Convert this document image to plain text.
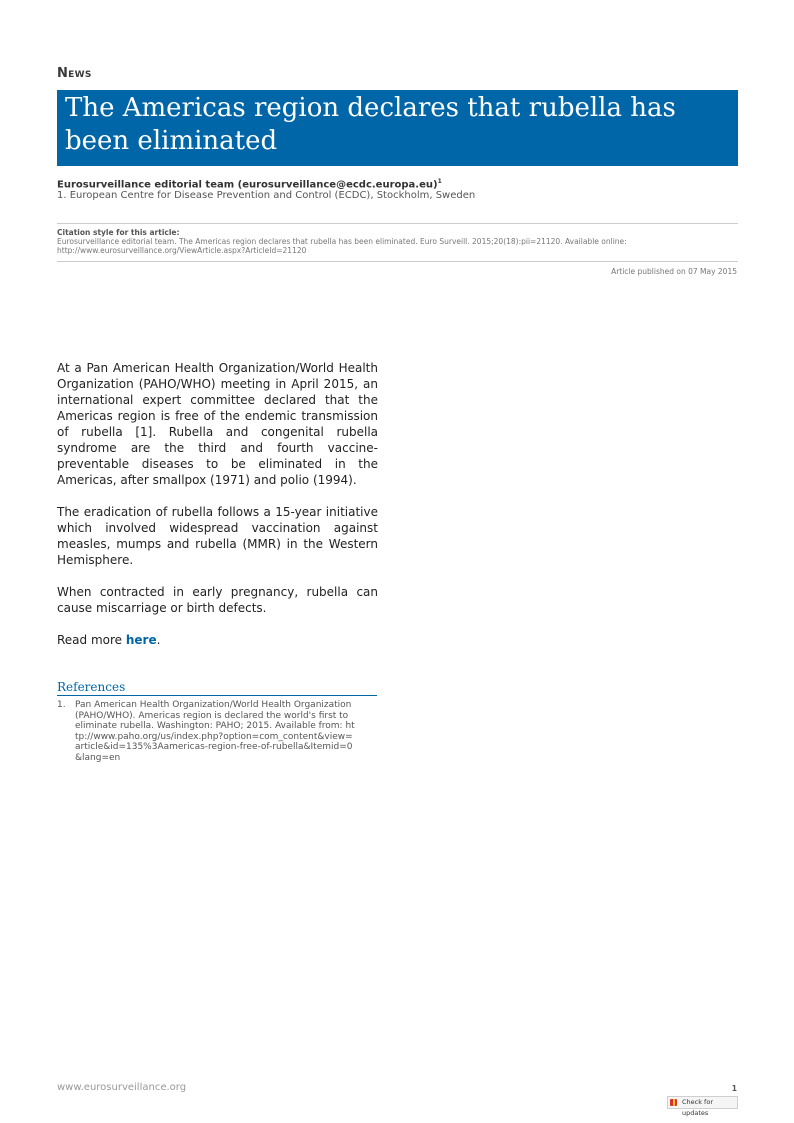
News
The Americas region declares that rubella has been eliminated
Eurosurveillance editorial team (eurosurveillance@ecdc.europa.eu)$^1$
1. European Centre for Disease Prevention and Control (ECDC), Stockholm, Sweden
Citation style for this article:
Eurosurveillance editorial team. The Americas region declares that rubella has been eliminated. Euro Surveill. 2015;20(18):pii=21120. Available online: http://www.eurosurveillance.org/ViewArticle.aspx?ArticleId=21120
Article published on 07 May 2015

At a Pan American Health Organization/World Health Organization (PAHO/WHO) meeting in April 2015, an international expert committee declared that the Americas region is free of the endemic transmission of rubella [1]. Rubella and congenital rubella syndrome are the third and fourth vaccine-preventable diseases to be eliminated in the Americas, after smallpox (1971) and polio (1994).

The eradication of rubella follows a 15-year initiative which involved widespread vaccination against measles, mumps and rubella (MMR) in the Western Hemisphere.

When contracted in early pregnancy, rubella can cause miscarriage or birth defects.

Read more here.

References
1. Pan American Health Organization/World Health Organization (PAHO/WHO). Americas region is declared the world's first to eliminate rubella. Washington: PAHO; 2015. Available from: http://www.paho.org/us/index.php?option=com_content&view=article&id=135%3Aamericas-region-free-of-rubella&Itemid=0&lang=en
www.eurosurveillance.org	1
Check for updates
